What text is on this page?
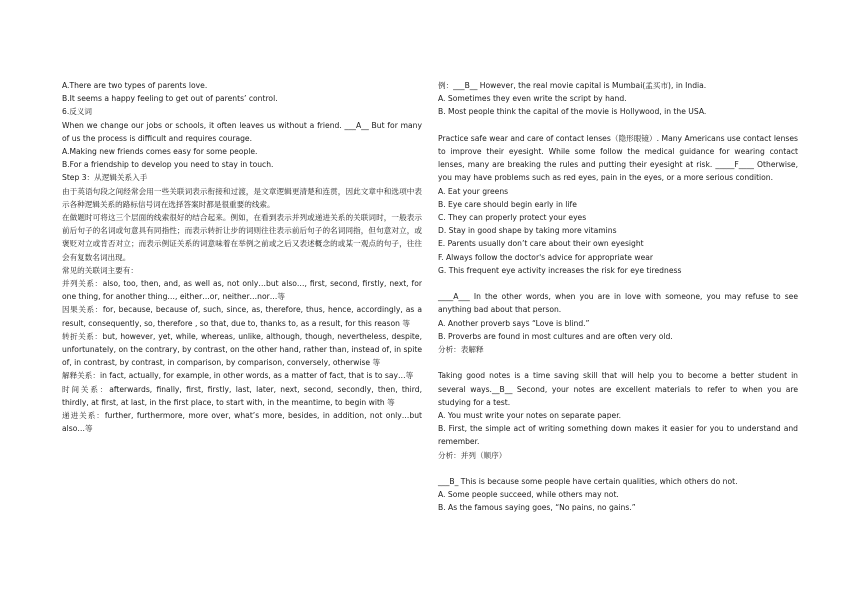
A.There are two types of parents love.

B.It seems a happy feeling to get out of parents’ control.

6.反义词

When we change our jobs or schools, it often leaves us without a friend. ___A__ But for many of us the process is difficult and requires courage.

A.Making new friends comes easy for some people.

B.For a friendship to develop you need to stay in touch.

Step 3：从逻辑关系入手

由于英语句段之间经常会用一些关联词表示衔接和过渡，是文章逻辑更清楚和连贯，因此文章中和选项中表示各种逻辑关系的路标信号词在选择答案时都是很重要的线索。

在做题时可将这三个层面的线索很好的结合起来。例如，在看到表示并列或递进关系的关联词时，一般表示前后句子的名词或句意具有同指性；而表示转折让步的词则往往表示前后句子的名词同指，但句意对立，或褒贬对立或肯否对立；而表示例证关系的词意味着在举例之前或之后又表述概念的或某一观点的句子，往往会有复数名词出现。

常见的关联词主要有：

并列关系：also, too, then, and, as well as, not only…but also…, first, second, firstly, next, for one thing, for another thing…, either…or, neither…nor…等

因果关系：for, because, because of, such, since, as, therefore, thus, hence, accordingly, as a result, consequently, so, therefore , so that, due to, thanks to, as a result, for this reason 等

转折关系：but, however, yet, while, whereas, unlike, although, though, nevertheless, despite, unfortunately, on the contrary, by contrast, on the other hand, rather than, instead of, in spite of, in contrast, by contrast, in comparison, by comparison, conversely, otherwise 等

解释关系：in fact, actually, for example, in other words, as a matter of fact, that is to say…等

时间关系：afterwards, finally, first, firstly, last, later, next, second, secondly, then, third, thirdly, at first, at last, in the first place, to start with, in the meantime, to begin with 等

递进关系：further, furthermore, more over, what’s more, besides, in addition, not only…but also…等

例：___B__ However, the real movie capital is Mumbai(孟买市), in India.

A. Sometimes they even write the script by hand.

B. Most people think the capital of the movie is Hollywood, in the USA.

Practice safe wear and care of contact lenses（隐形眼镜）. Many Americans use contact lenses to improve their eyesight. While some follow the medical guidance for wearing contact lenses, many are breaking the rules and putting their eyesight at risk. _____F____ Otherwise, you may have problems such as red eyes, pain in the eyes, or a more serious condition.

A. Eat your greens

B. Eye care should begin early in life

C. They can properly protect your eyes

D. Stay in good shape by taking more vitamins

E. Parents usually don’t care about their own eyesight

F. Always follow the doctor's advice for appropriate wear

G. This frequent eye activity increases the risk for eye tiredness

____A___ In the other words, when you are in love with someone, you may refuse to see anything bad about that person.

A. Another proverb says “Love is blind.”

B. Proverbs are found in most cultures and are often very old.

分析：表解释

Taking good notes is a time saving skill that will help you to become a better student in several ways.__B__ Second, your notes are excellent materials to refer to when you are studying for a test.

A. You must write your notes on separate paper.

B. First, the simple act of writing something down makes it easier for you to understand and remember.

分析：并列（顺序）

___B_ This is because some people have certain qualities, which others do not.

A. Some people succeed, while others may not.

B. As the famous saying goes, “No pains, no gains.”
